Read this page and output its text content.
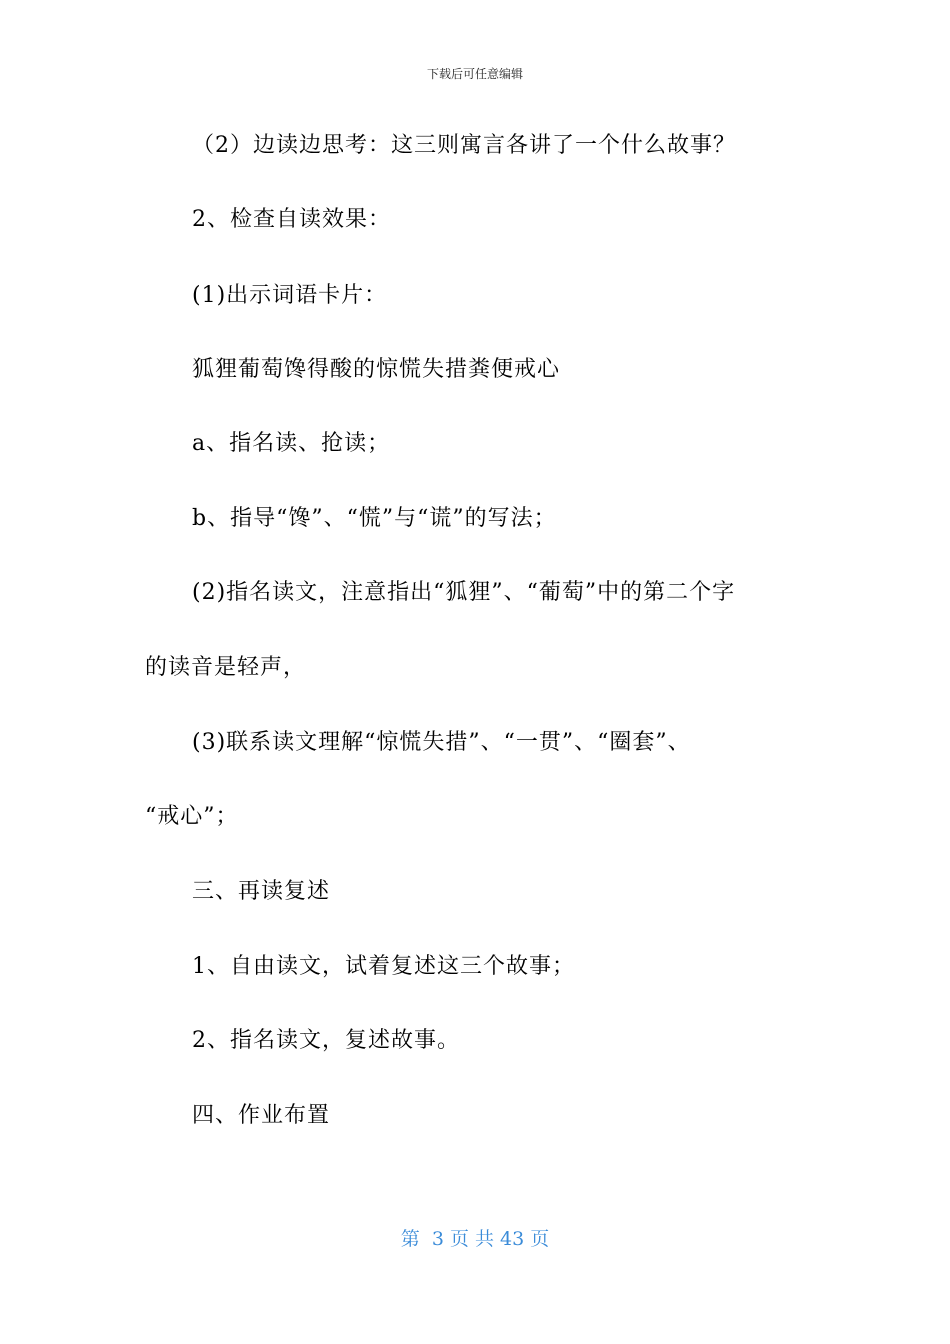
下载后可任意编辑
（2）边读边思考：这三则寓言各讲了一个什么故事？
2、检查自读效果：
(1)出示词语卡片：
狐狸葡萄馋得酸的惊慌失措粪便戒心
a、指名读、抢读；
b、指导“馋”、“慌”与“谎”的写法；
(2)指名读文，注意指出“狐狸”、“葡萄”中的第二个字
的读音是轻声，
(3)联系读文理解“惊慌失措”、“一贯”、“圈套”、
“戒心”；
三、再读复述
1、自由读文，试着复述这三个故事；
2、指名读文，复述故事。
四、作业布置
第  3 页 共 43 页
